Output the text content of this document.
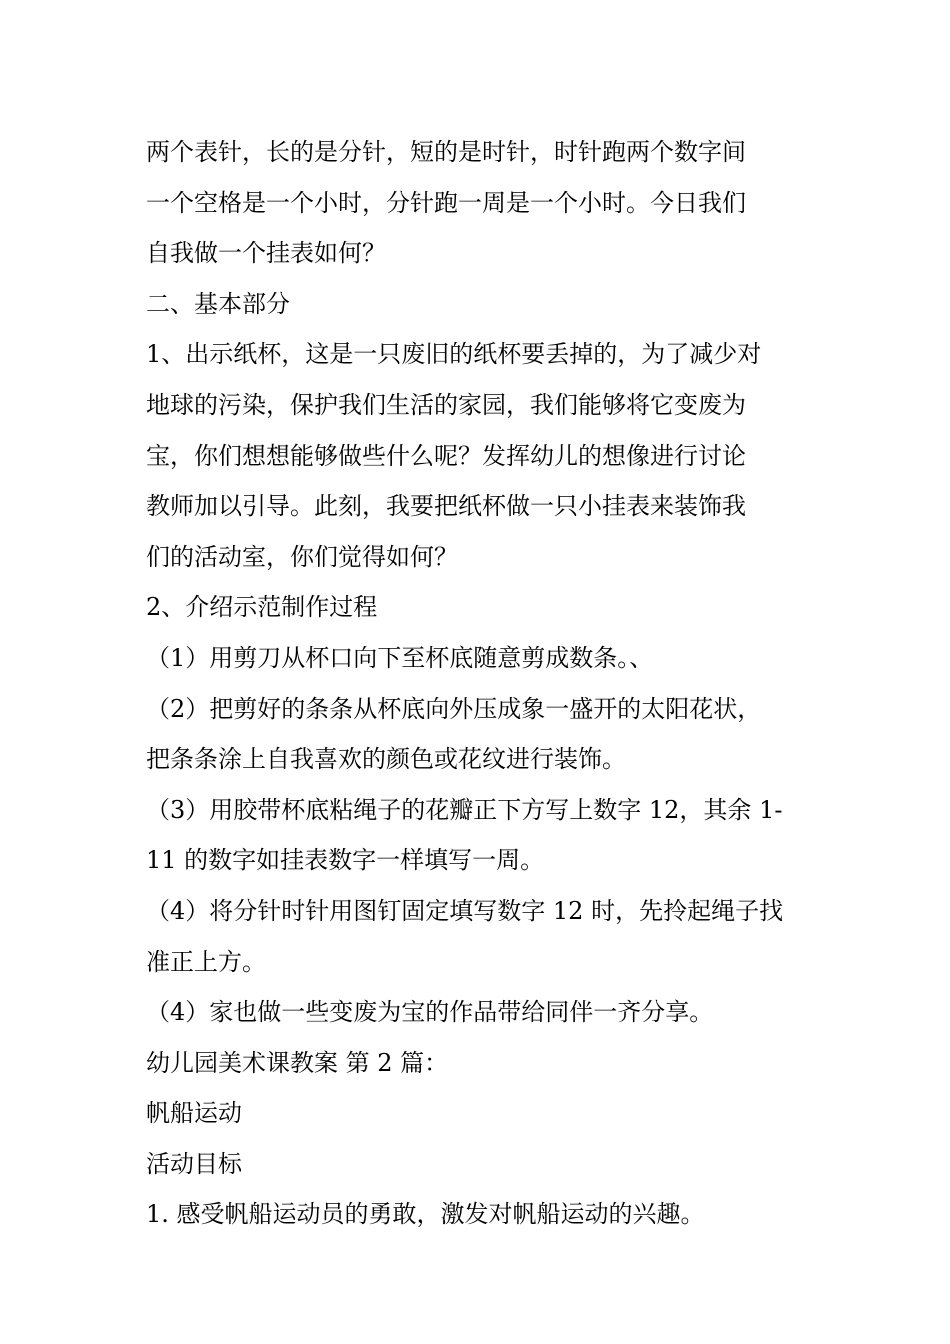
两个表针，长的是分针，短的是时针，时针跑两个数字间
一个空格是一个小时，分针跑一周是一个小时。今日我们
自我做一个挂表如何？
二、基本部分
1、出示纸杯，这是一只废旧的纸杯要丢掉的，为了减少对
地球的污染，保护我们生活的家园，我们能够将它变废为
宝，你们想想能够做些什么呢？发挥幼儿的想像进行讨论
教师加以引导。此刻，我要把纸杯做一只小挂表来装饰我
们的活动室，你们觉得如何？
2、介绍示范制作过程
（1）用剪刀从杯口向下至杯底随意剪成数条。、
（2）把剪好的条条从杯底向外压成象一盛开的太阳花状，
把条条涂上自我喜欢的颜色或花纹进行装饰。
（3）用胶带杯底粘绳子的花瓣正下方写上数字 12，其余 1-
11 的数字如挂表数字一样填写一周。
（4）将分针时针用图钉固定填写数字 12 时，先拎起绳子找
准正上方。
（4）家也做一些变废为宝的作品带给同伴一齐分享。
幼儿园美术课教案 第 2 篇：
帆船运动
活动目标
1. 感受帆船运动员的勇敢，激发对帆船运动的兴趣。
